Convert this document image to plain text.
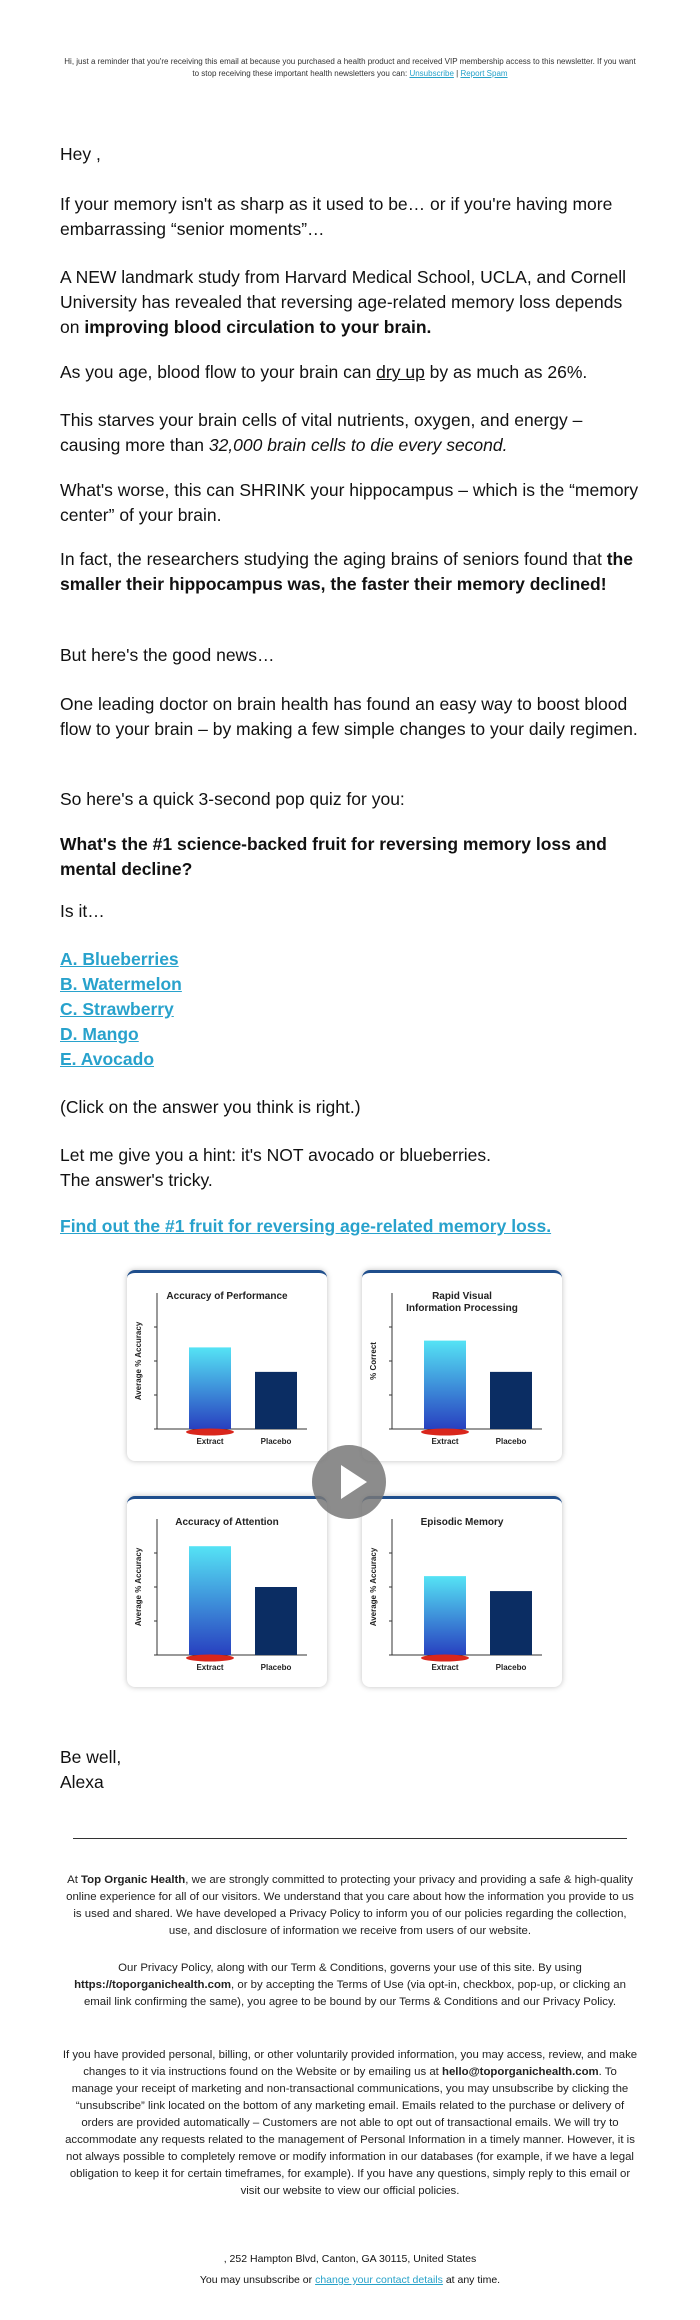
Hi, just a reminder that you're receiving this email at because you purchased a health product and received VIP membership access to this newsletter. If you want to stop receiving these important health newsletters you can: Unsubscribe | Report Spam

Hey ,

If your memory isn't as sharp as it used to be… or if you're having more embarrassing “senior moments”…

A NEW landmark study from Harvard Medical School, UCLA, and Cornell University has revealed that reversing age-related memory loss depends on improving blood circulation to your brain.

As you age, blood flow to your brain can dry up by as much as 26%.

This starves your brain cells of vital nutrients, oxygen, and energy – causing more than 32,000 brain cells to die every second.

What's worse, this can SHRINK your hippocampus – which is the “memory center” of your brain.

In fact, the researchers studying the aging brains of seniors found that the smaller their hippocampus was, the faster their memory declined!

But here's the good news…

One leading doctor on brain health has found an easy way to boost blood flow to your brain – by making a few simple changes to your daily regimen.

So here's a quick 3-second pop quiz for you:

What's the #1 science-backed fruit for reversing memory loss and mental decline?

Is it…

A. Blueberries
B. Watermelon
C. Strawberry
D. Mango
E. Avocado

(Click on the answer you think is right.)

Let me give you a hint: it's NOT avocado or blueberries.
The answer's tricky.

Find out the #1 fruit for reversing age-related memory loss.

Be well,
Alexa

Accuracy of Performance
Average % Accuracy
Extract	Placebo
Rapid Visual
Information Processing
% Correct
Extract	Placebo
Accuracy of Attention
Average % Accuracy
Extract	Placebo
Episodic Memory
Average % Accuracy
Extract	Placebo

At Top Organic Health, we are strongly committed to protecting your privacy and providing a safe & high-quality online experience for all of our visitors. We understand that you care about how the information you provide to us is used and shared. We have developed a Privacy Policy to inform you of our policies regarding the collection, use, and disclosure of information we receive from users of our website.

Our Privacy Policy, along with our Term & Conditions, governs your use of this site. By using https://toporganichealth.com, or by accepting the Terms of Use (via opt-in, checkbox, pop-up, or clicking an email link confirming the same), you agree to be bound by our Terms & Conditions and our Privacy Policy.

If you have provided personal, billing, or other voluntarily provided information, you may access, review, and make changes to it via instructions found on the Website or by emailing us at hello@toporganichealth.com. To manage your receipt of marketing and non-transactional communications, you may unsubscribe by clicking the “unsubscribe” link located on the bottom of any marketing email. Emails related to the purchase or delivery of orders are provided automatically – Customers are not able to opt out of transactional emails. We will try to accommodate any requests related to the management of Personal Information in a timely manner. However, it is not always possible to completely remove or modify information in our databases (for example, if we have a legal obligation to keep it for certain timeframes, for example). If you have any questions, simply reply to this email or visit our website to view our official policies.

, 252 Hampton Blvd, Canton, GA 30115, United States

You may unsubscribe or change your contact details at any time.
